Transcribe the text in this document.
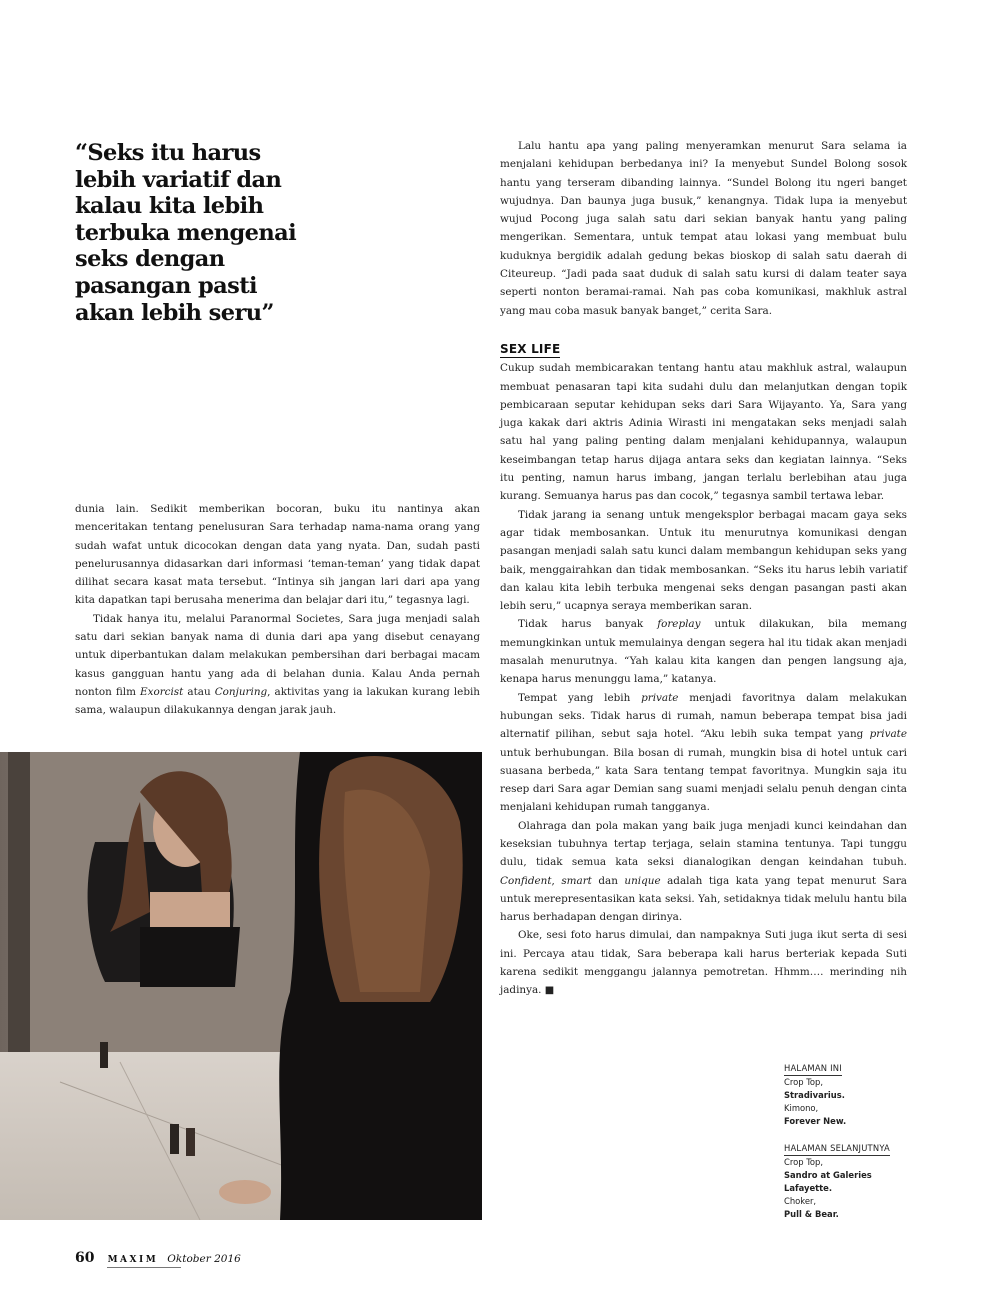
“Seks itu harus
lebih variatif dan
kalau kita lebih
terbuka mengenai
seks dengan
pasangan pasti
akan lebih seru”

dunia lain. Sedikit memberikan bocoran, buku itu nantinya akan menceritakan tentang penelusuran Sara terhadap nama-nama orang yang sudah wafat untuk dicocokan dengan data yang nyata. Dan, sudah pasti penelurusannya didasarkan dari informasi ‘teman-teman’ yang tidak dapat dilihat secara kasat mata tersebut. “Intinya sih jangan lari dari apa yang kita dapatkan tapi berusaha menerima dan belajar dari itu,” tegasnya lagi.

Tidak hanya itu, melalui Paranormal Societes, Sara juga menjadi salah satu dari sekian banyak nama di dunia dari apa yang disebut cenayang untuk diperbantukan dalam melakukan pembersihan dari berbagai macam kasus gangguan hantu yang ada di belahan dunia. Kalau Anda pernah nonton film Exorcist atau Conjuring, aktivitas yang ia lakukan kurang lebih sama, walaupun dilakukannya dengan jarak jauh.

Lalu hantu apa yang paling menyeramkan menurut Sara selama ia menjalani kehidupan berbedanya ini? Ia menyebut Sundel Bolong sosok hantu yang terseram dibanding lainnya. “Sundel Bolong itu ngeri banget wujudnya. Dan baunya juga busuk,” kenangnya. Tidak lupa ia menyebut wujud Pocong juga salah satu dari sekian banyak hantu yang paling mengerikan. Sementara, untuk tempat atau lokasi yang membuat bulu kuduknya bergidik adalah gedung bekas bioskop di salah satu daerah di Citeureup. “Jadi pada saat duduk di salah satu kursi di dalam teater saya seperti nonton beramai-ramai. Nah pas coba komunikasi, makhluk astral yang mau coba masuk banyak banget,” cerita Sara.

SEX LIFE

Cukup sudah membicarakan tentang hantu atau makhluk astral, walaupun membuat penasaran tapi kita sudahi dulu dan melanjutkan dengan topik pembicaraan seputar kehidupan seks dari Sara Wijayanto. Ya, Sara yang juga kakak dari aktris Adinia Wirasti ini mengatakan seks menjadi salah satu hal yang paling penting dalam menjalani kehidupannya, walaupun keseimbangan tetap harus dijaga antara seks dan kegiatan lainnya. “Seks itu penting, namun harus imbang, jangan terlalu berlebihan atau juga kurang. Semuanya harus pas dan cocok,” tegasnya sambil tertawa lebar.

Tidak jarang ia senang untuk mengeksplor berbagai macam gaya seks agar tidak membosankan. Untuk itu menurutnya komunikasi dengan pasangan menjadi salah satu kunci dalam membangun kehidupan seks yang baik, menggairahkan dan tidak membosankan. “Seks itu harus lebih variatif dan kalau kita lebih terbuka mengenai seks dengan pasangan pasti akan lebih seru,” ucapnya seraya memberikan saran.

Tidak harus banyak foreplay untuk dilakukan, bila memang memungkinkan untuk memulainya dengan segera hal itu tidak akan menjadi masalah menurutnya. “Yah kalau kita kangen dan pengen langsung aja, kenapa harus menunggu lama,” katanya.

Tempat yang lebih private menjadi favoritnya dalam melakukan hubungan seks. Tidak harus di rumah, namun beberapa tempat bisa jadi alternatif pilihan, sebut saja hotel. “Aku lebih suka tempat yang private untuk berhubungan. Bila bosan di rumah, mungkin bisa di hotel untuk cari suasana berbeda,” kata Sara tentang tempat favoritnya. Mungkin saja itu resep dari Sara agar Demian sang suami menjadi selalu penuh dengan cinta menjalani kehidupan rumah tangganya.

Olahraga dan pola makan yang baik juga menjadi kunci keindahan dan keseksian tubuhnya tertap terjaga, selain stamina tentunya. Tapi tunggu dulu, tidak semua kata seksi dianalogikan dengan keindahan tubuh. Confident, smart dan unique adalah tiga kata yang tepat menurut Sara untuk merepresentasikan kata seksi. Yah, setidaknya tidak melulu hantu bila harus berhadapan dengan dirinya.

Oke, sesi foto harus dimulai, dan nampaknya Suti juga ikut serta di sesi ini. Percaya atau tidak, Sara beberapa kali harus berteriak kepada Suti karena sedikit menggangu jalannya pemotretan. Hhmm…. merinding nih jadinya. ■

HALAMAN INI
Crop Top,
Stradivarius.
Kimono,
Forever New.
HALAMAN SELANJUTNYA
Crop Top,
Sandro at Galeries
Lafayette.
Choker,
Pull & Bear.
60 MAXIM Oktober 2016
